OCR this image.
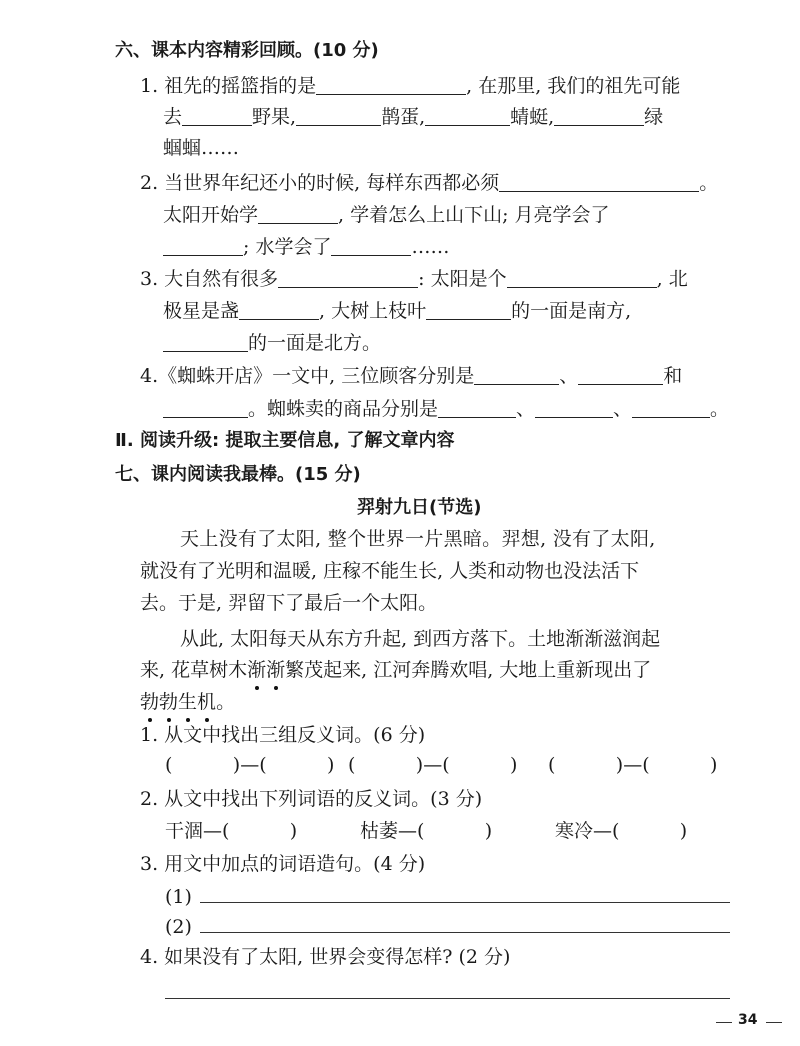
六、课本内容精彩回顾。(10 分)
1. 祖先的摇篮指的是	, 在那里, 我们的祖先可能
去	野果,	鹊蛋,	蜻蜓,	绿
蝈蝈……
2. 当世界年纪还小的时候, 每样东西都必须	。
太阳开始学	, 学着怎么上山下山; 月亮学会了
; 水学会了	……
3. 大自然有很多	: 太阳是个	, 北
极星是盏	, 大树上枝叶	的一面是南方,
的一面是北方。
4.《蜘蛛开店》一文中, 三位顾客分别是	、	和
。蜘蛛卖的商品分别是	、	、	。
Ⅱ. 阅读升级: 提取主要信息, 了解文章内容
七、课内阅读我最棒。(15 分)
羿射九日(节选)
天上没有了太阳, 整个世界一片黑暗。羿想, 没有了太阳,
就没有了光明和温暖, 庄稼不能生长, 人类和动物也没法活下
去。于是, 羿留下了最后一个太阳。
从此, 太阳每天从东方升起, 到西方落下。土地渐渐滋润起
来, 花草树木渐渐繁茂起来, 江河奔腾欢唱, 大地上重新现出了
勃勃生机。
1. 从文中找出三组反义词。(6 分)
(          )—(          ) (          )—(          ) (          )—(          )
2. 从文中找出下列词语的反义词。(3 分)
干涸—(          )	枯萎—(          )	寒冷—(          )
3. 用文中加点的词语造句。(4 分)
(1)
(2)
4. 如果没有了太阳, 世界会变得怎样? (2 分)
34
